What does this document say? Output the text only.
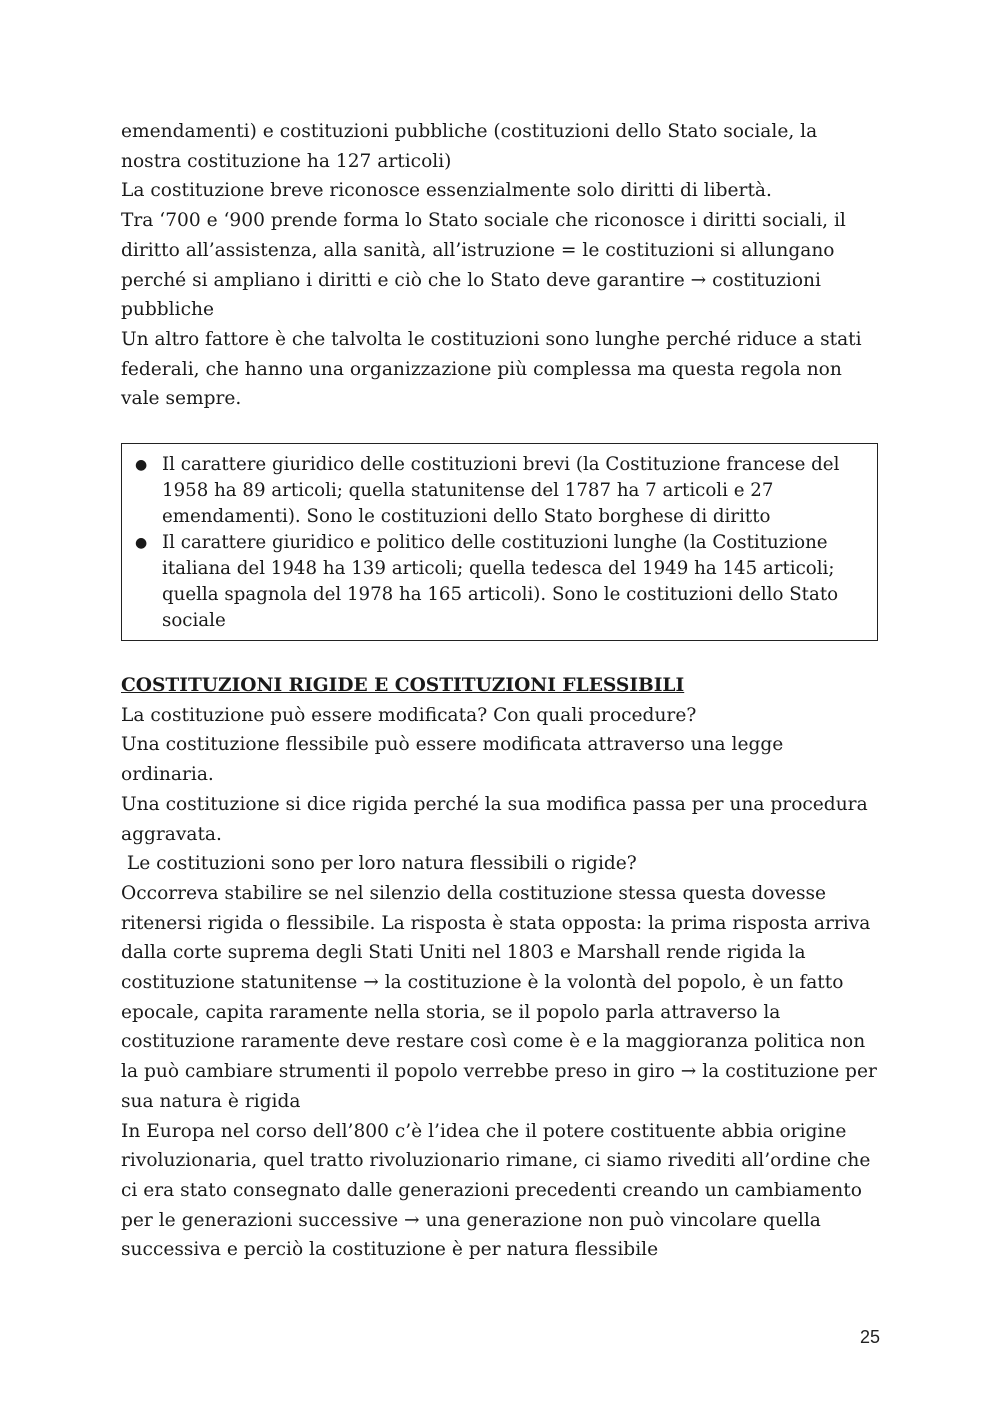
emendamenti) e costituzioni pubbliche (costituzioni dello Stato sociale, la nostra costituzione ha 127 articoli)

La costituzione breve riconosce essenzialmente solo diritti di libertà.

Tra ‘700 e ‘900 prende forma lo Stato sociale che riconosce i diritti sociali, il diritto all’assistenza, alla sanità, all’istruzione = le costituzioni si allungano perché si ampliano i diritti e ciò che lo Stato deve garantire → costituzioni pubbliche

Un altro fattore è che talvolta le costituzioni sono lunghe perché riduce a stati federali, che hanno una organizzazione più complessa ma questa regola non vale sempre.

● Il carattere giuridico delle costituzioni brevi (la Costituzione francese del 1958 ha 89 articoli; quella statunitense del 1787 ha 7 articoli e 27 emendamenti). Sono le costituzioni dello Stato borghese di diritto
● Il carattere giuridico e politico delle costituzioni lunghe (la Costituzione italiana del 1948 ha 139 articoli; quella tedesca del 1949 ha 145 articoli; quella spagnola del 1978 ha 165 articoli). Sono le costituzioni dello Stato sociale
COSTITUZIONI RIGIDE E COSTITUZIONI FLESSIBILI

La costituzione può essere modificata? Con quali procedure?

Una costituzione flessibile può essere modificata attraverso una legge ordinaria.

Una costituzione si dice rigida perché la sua modifica passa per una procedura aggravata.

Le costituzioni sono per loro natura flessibili o rigide?

Occorreva stabilire se nel silenzio della costituzione stessa questa dovesse ritenersi rigida o flessibile. La risposta è stata opposta: la prima risposta arriva dalla corte suprema degli Stati Uniti nel 1803 e Marshall rende rigida la costituzione statunitense → la costituzione è la volontà del popolo, è un fatto epocale, capita raramente nella storia, se il popolo parla attraverso la costituzione raramente deve restare così come è e la maggioranza politica non la può cambiare strumenti il popolo verrebbe preso in giro → la costituzione per sua natura è rigida

In Europa nel corso dell’800 c’è l’idea che il potere costituente abbia origine rivoluzionaria, quel tratto rivoluzionario rimane, ci siamo rivediti all’ordine che ci era stato consegnato dalle generazioni precedenti creando un cambiamento per le generazioni successive → una generazione non può vincolare quella successiva e perciò la costituzione è per natura flessibile

25
